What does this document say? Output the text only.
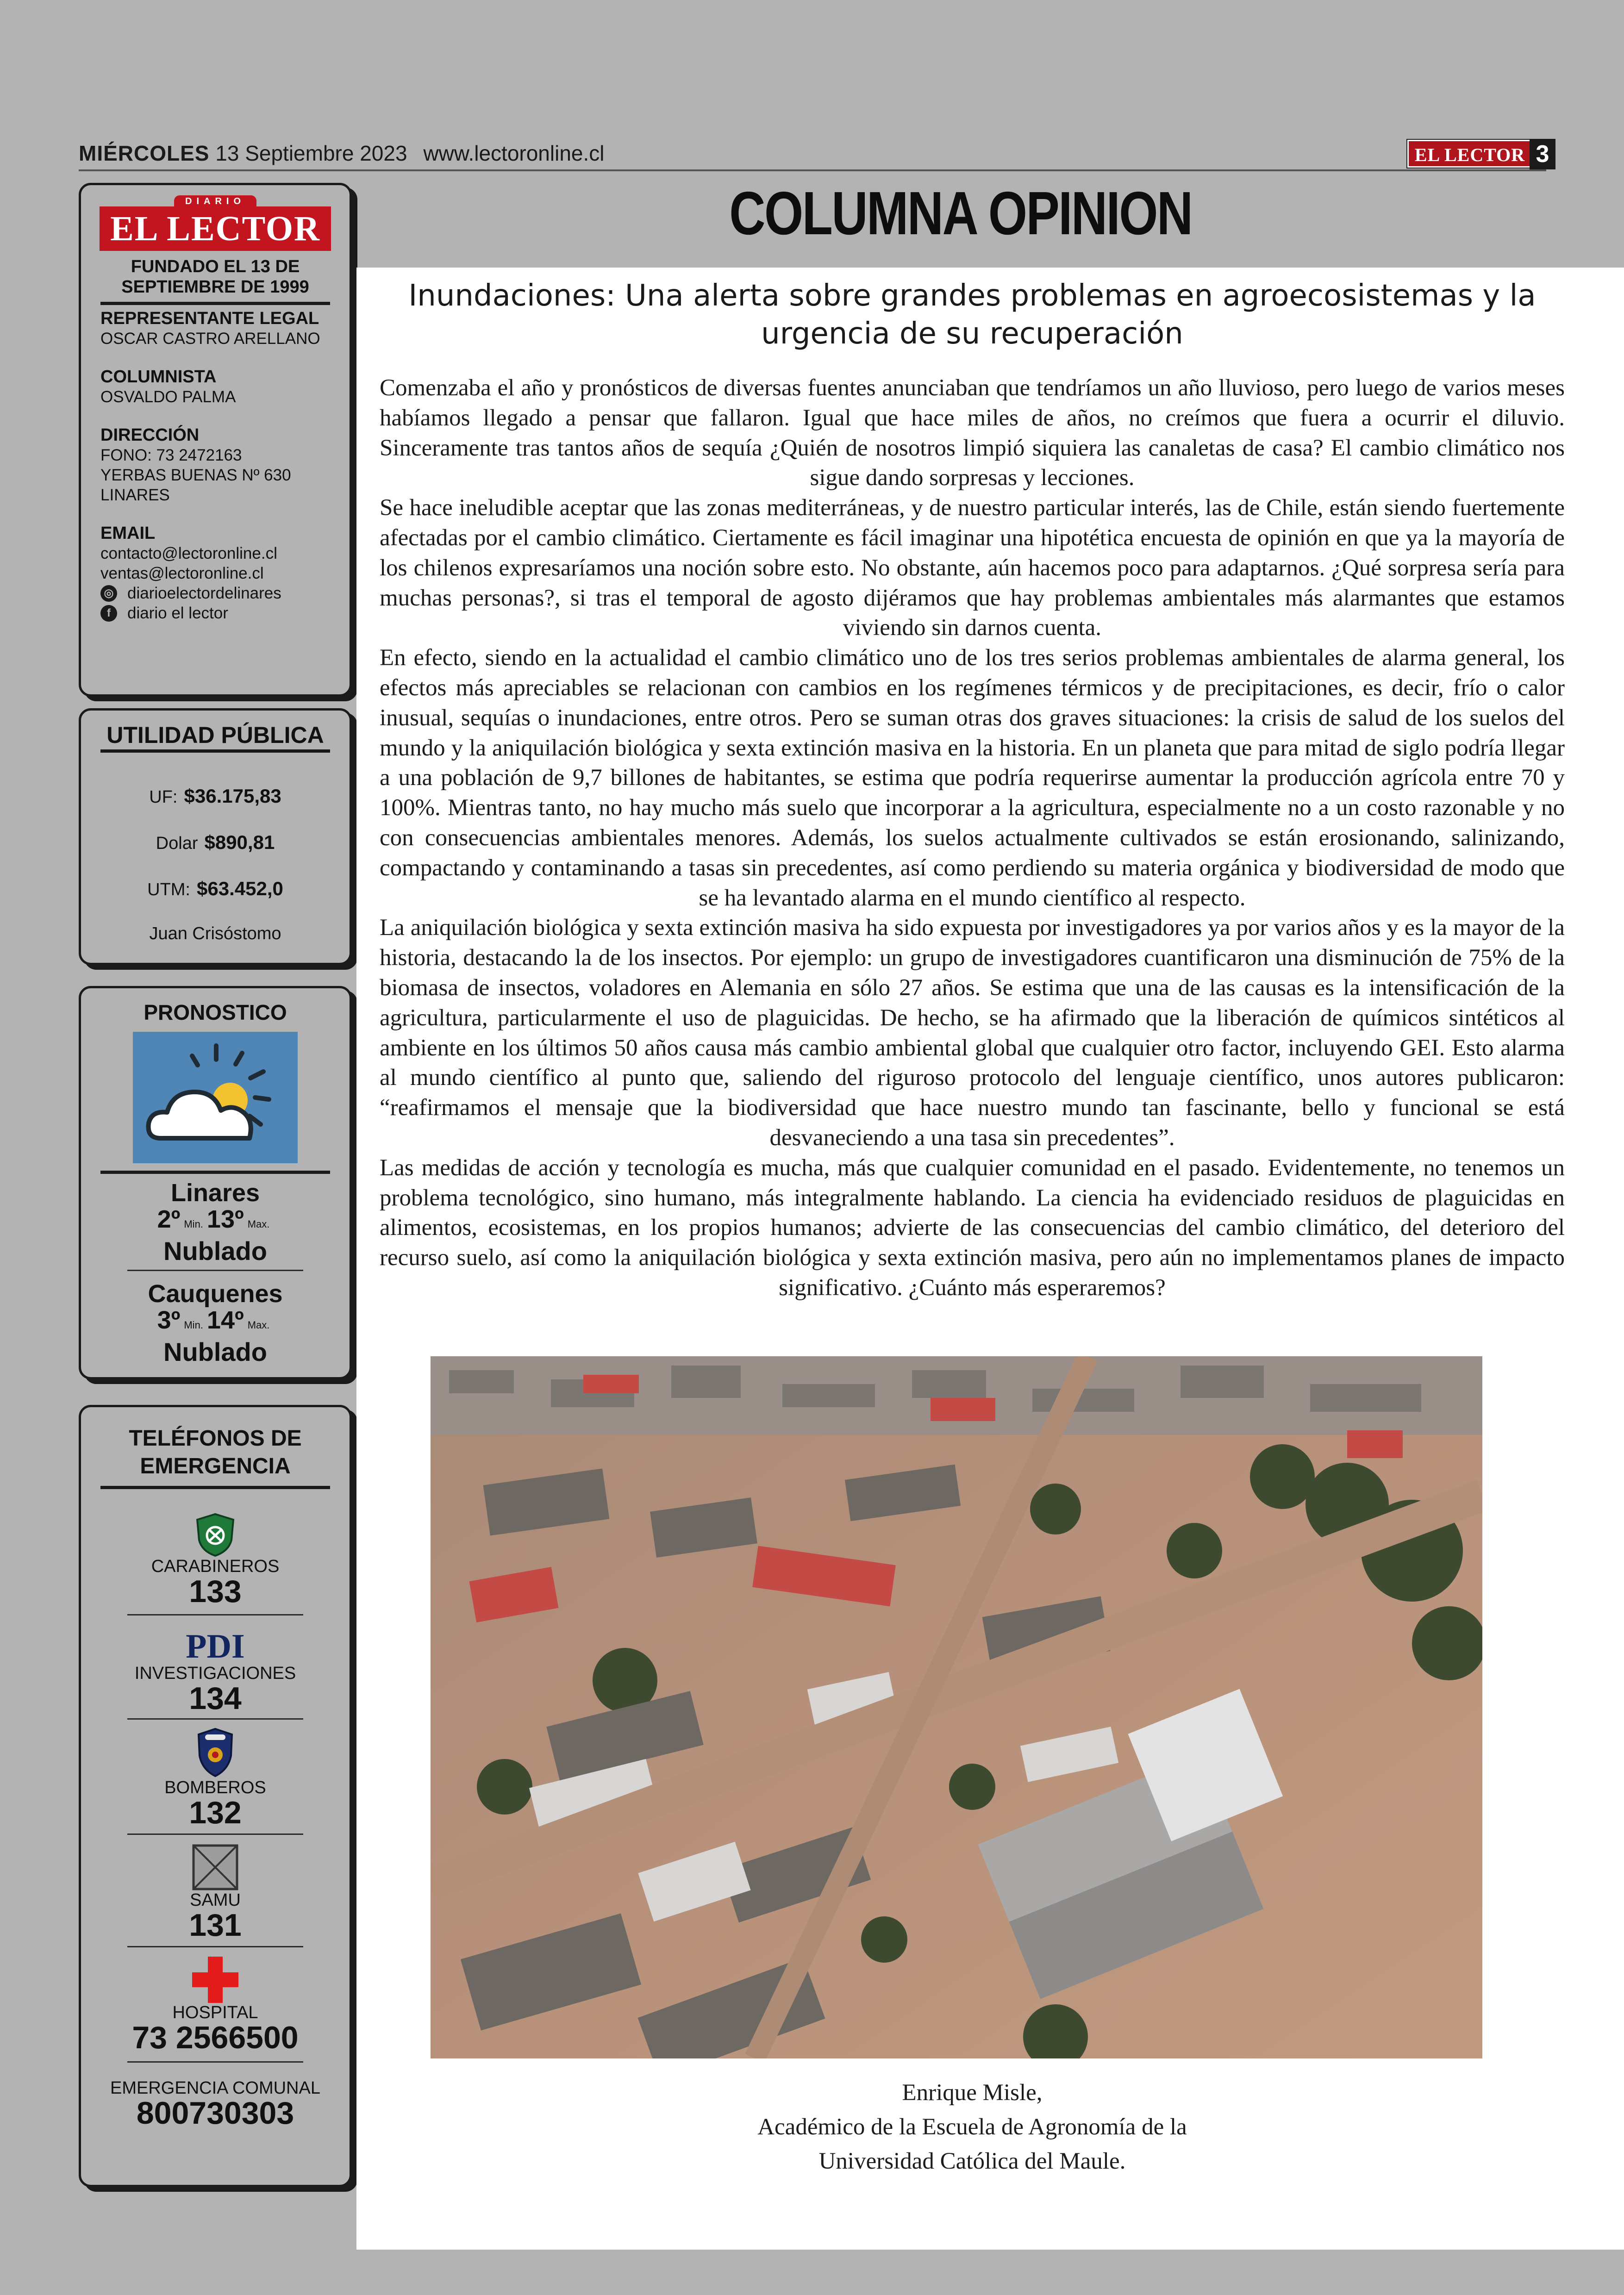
MIÉRCOLES 13 Septiembre 2023 www.lectoronline.cl	EL LECTOR 3
COLUMNA OPINION
DIARIO
EL LECTOR
FUNDADO EL 13 DE SEPTIEMBRE DE 1999
REPRESENTANTE LEGAL
OSCAR CASTRO ARELLANO
COLUMNISTA
OSVALDO PALMA
DIRECCIÓN
FONO: 73 2472163
YERBAS BUENAS Nº 630
LINARES
EMAIL
contacto@lectoronline.cl
ventas@lectoronline.cl
◎ diarioelectordelinares
f	diario el lector
UTILIDAD PÚBLICA
UF: $36.175,83
Dolar $890,81
UTM: $63.452,0
Juan Crisóstomo
PRONOSTICO
Linares
2º Min. 13º Max.
Nublado
Cauquenes
3º Min. 14º Max.
Nublado
TELÉFONOS DE EMERGENCIA
CARABINEROS
133
PDI
INVESTIGACIONES
134
BOMBEROS
132
SAMU
131
HOSPITAL
73 2566500
EMERGENCIA COMUNAL
800730303
Inundaciones: Una alerta sobre grandes problemas en agroecosistemas y la urgencia de su recuperación

Comenzaba el año y pronósticos de diversas fuentes anunciaban que tendríamos un año lluvioso, pero luego de varios meses habíamos llegado a pensar que fallaron. Igual que hace miles de años, no creímos que fuera a ocurrir el diluvio. Sinceramente tras tantos años de sequía ¿Quién de nosotros limpió siquiera las canaletas de casa? El cambio climático nos sigue dando sorpresas y lecciones.

Se hace ineludible aceptar que las zonas mediterráneas, y de nuestro particular interés, las de Chile, están siendo fuertemente afectadas por el cambio climático. Ciertamente es fácil imaginar una hipotética encuesta de opinión en que ya la mayoría de los chilenos expresaríamos una noción sobre esto. No obstante, aún hacemos poco para adaptarnos. ¿Qué sorpresa sería para muchas personas?, si tras el temporal de agosto dijéramos que hay problemas ambientales más alarmantes que estamos viviendo sin darnos cuenta.

En efecto, siendo en la actualidad el cambio climático uno de los tres serios problemas ambientales de alarma general, los efectos más apreciables se relacionan con cambios en los regímenes térmicos y de precipitaciones, es decir, frío o calor inusual, sequías o inundaciones, entre otros. Pero se suman otras dos graves situaciones: la crisis de salud de los suelos del mundo y la aniquilación biológica y sexta extinción masiva en la historia. En un planeta que para mitad de siglo podría llegar a una población de 9,7 billones de habitantes, se estima que podría requerirse aumentar la producción agrícola entre 70 y 100%. Mientras tanto, no hay mucho más suelo que incorporar a la agricultura, especialmente no a un costo razonable y no con consecuencias ambientales menores. Además, los suelos actualmente cultivados se están erosionando, salinizando, compactando y contaminando a tasas sin precedentes, así como perdiendo su materia orgánica y biodiversidad de modo que se ha levantado alarma en el mundo científico al respecto.

La aniquilación biológica y sexta extinción masiva ha sido expuesta por investigadores ya por varios años y es la mayor de la historia, destacando la de los insectos. Por ejemplo: un grupo de investigadores cuantificaron una disminución de 75% de la biomasa de insectos, voladores en Alemania en sólo 27 años. Se estima que una de las causas es la intensificación de la agricultura, particularmente el uso de plaguicidas. De hecho, se ha afirmado que la liberación de químicos sintéticos al ambiente en los últimos 50 años causa más cambio ambiental global que cualquier otro factor, incluyendo GEI. Esto alarma al mundo científico al punto que, saliendo del riguroso protocolo del lenguaje científico, unos autores publicaron: “reafirmamos el mensaje que la biodiversidad que hace nuestro mundo tan fascinante, bello y funcional se está desvaneciendo a una tasa sin precedentes”.

Las medidas de acción y tecnología es mucha, más que cualquier comunidad en el pasado. Evidentemente, no tenemos un problema tecnológico, sino humano, más integralmente hablando. La ciencia ha evidenciado residuos de plaguicidas en alimentos, ecosistemas, en los propios humanos; advierte de las consecuencias del cambio climático, del deterioro del recurso suelo, así como la aniquilación biológica y sexta extinción masiva, pero aún no implementamos planes de impacto significativo. ¿Cuánto más esperaremos?

Enrique Misle,
Académico de la Escuela de Agronomía de la
Universidad Católica del Maule.
